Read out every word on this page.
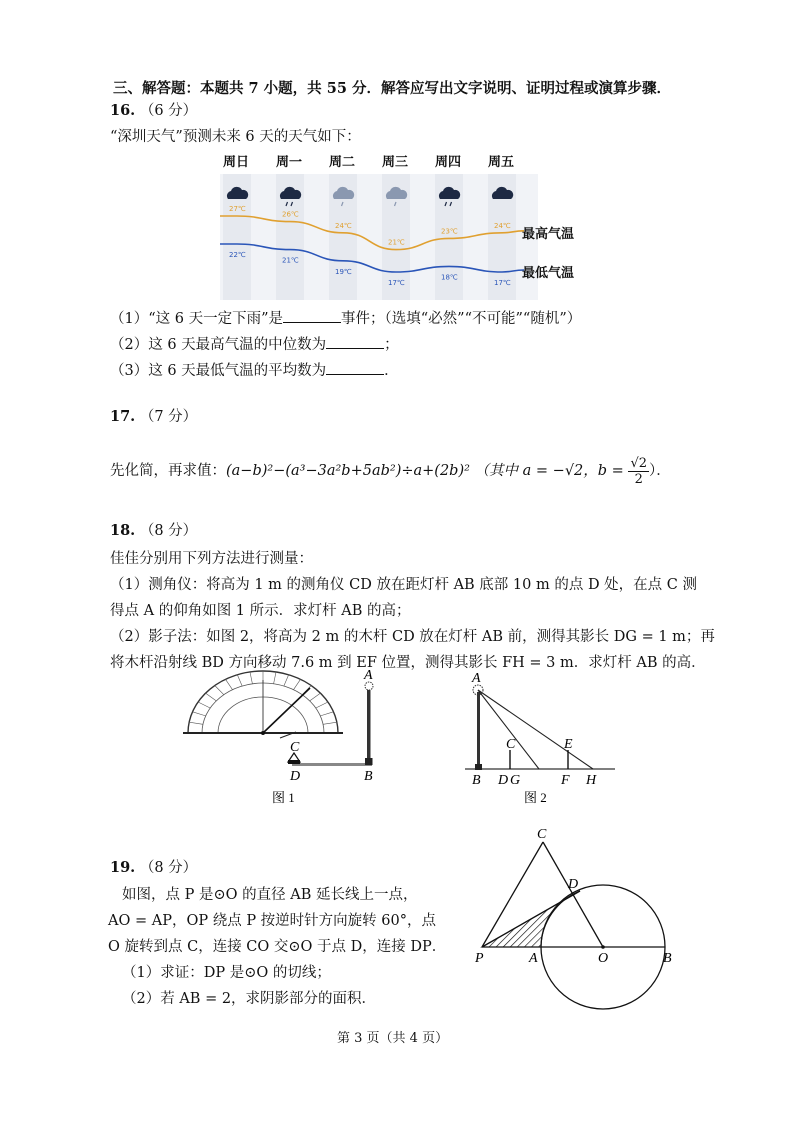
三、解答题：本题共 7 小题，共 55 分．解答应写出文字说明、证明过程或演算步骤．
16. （6 分）
“深圳天气”预测未来 6 天的天气如下：
27℃
26℃
24℃
21℃
23℃
24℃
22℃
21℃
19℃
17℃
18℃
17℃
周日 周一 周二 周三 周四 周五
最高气温
最低气温
（1）“这 6 天一定下雨”是	事件；（选填“必然”“不可能”“随机”）
（2）这 6 天最高气温的中位数为	；
（3）这 6 天最低气温的平均数为	．
17. （7 分）
先化简，再求值：(a−b)²−(a³−3a²b+5ab²)÷a+(2b)² （其中 a = −√2，$b = \frac{√2}{2}$ ）．
18. （8 分）
佳佳分别用下列方法进行测量：
（1）测角仪：将高为 1 m 的测角仪 CD 放在距灯杆 AB 底部 10 m 的点 D 处，在点 C 测
得点 A 的仰角如图 1 所示．求灯杆 AB 的高；
（2）影子法：如图 2，将高为 2 m 的木杆 CD 放在灯杆 AB 前，测得其影长 DG = 1 m；再
将木杆沿射线 BD 方向移动 7.6 m 到 EF 位置，测得其影长 FH = 3 m．求灯杆 AB 的高．
C
D	B
A
图 1
A
B
C
D G
E
F H
图 2
19. （8 分）
如图，点 P 是⊙O 的直径 AB 延长线上一点，
AO = AP，OP 绕点 P 按逆时针方向旋转 60°，点
O 旋转到点 C，连接 CO 交⊙O 于点 D，连接 DP．
（1）求证：DP 是⊙O 的切线；
（2）若 AB = 2，求阴影部分的面积．
C
D
P	A	O	B
第 3 页（共 4 页）
